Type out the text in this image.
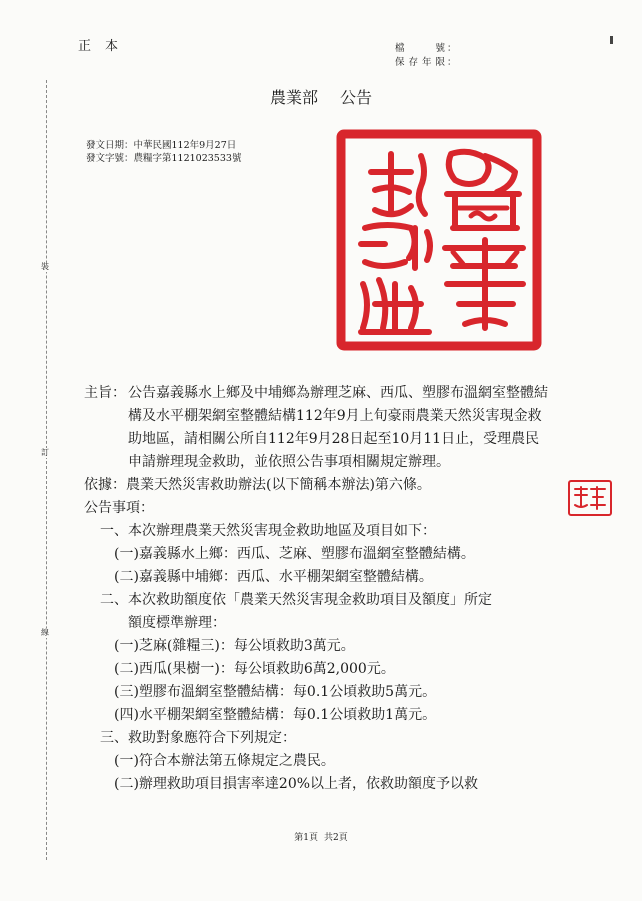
正本	檔 號 ：
保存年限 ：
農業部 公告
發文日期：中華民國112年9月27日
發文字號：農糧字第1121023533號
裝
訂
線
主旨： 公告嘉義縣水上鄉及中埔鄉為辦理芝麻、西瓜、塑膠布溫網室整體結構及水平棚架網室整體結構112年9月上旬豪雨農業天然災害現金救助地區，請相關公所自112年9月28日起至10月11日止，受理農民申請辦理現金救助，並依照公告事項相關規定辦理。
依據：農業天然災害救助辦法(以下簡稱本辦法)第六條。
公告事項：
一、本次辦理農業天然災害現金救助地區及項目如下：
(一)嘉義縣水上鄉：西瓜、芝麻、塑膠布溫網室整體結構。
(二)嘉義縣中埔鄉：西瓜、水平棚架網室整體結構。
二、本次救助額度依「農業天然災害現金救助項目及額度」所定
額度標準辦理：
(一)芝麻(雜糧三)：每公頃救助3萬元。
(二)西瓜(果樹一)：每公頃救助6萬2,000元。
(三)塑膠布溫網室整體結構：每0.1公頃救助5萬元。
(四)水平棚架網室整體結構：每0.1公頃救助1萬元。
三、救助對象應符合下列規定：
(一)符合本辦法第五條規定之農民。
(二)辦理救助項目損害率達20%以上者，依救助額度予以救
第1頁 共2頁
